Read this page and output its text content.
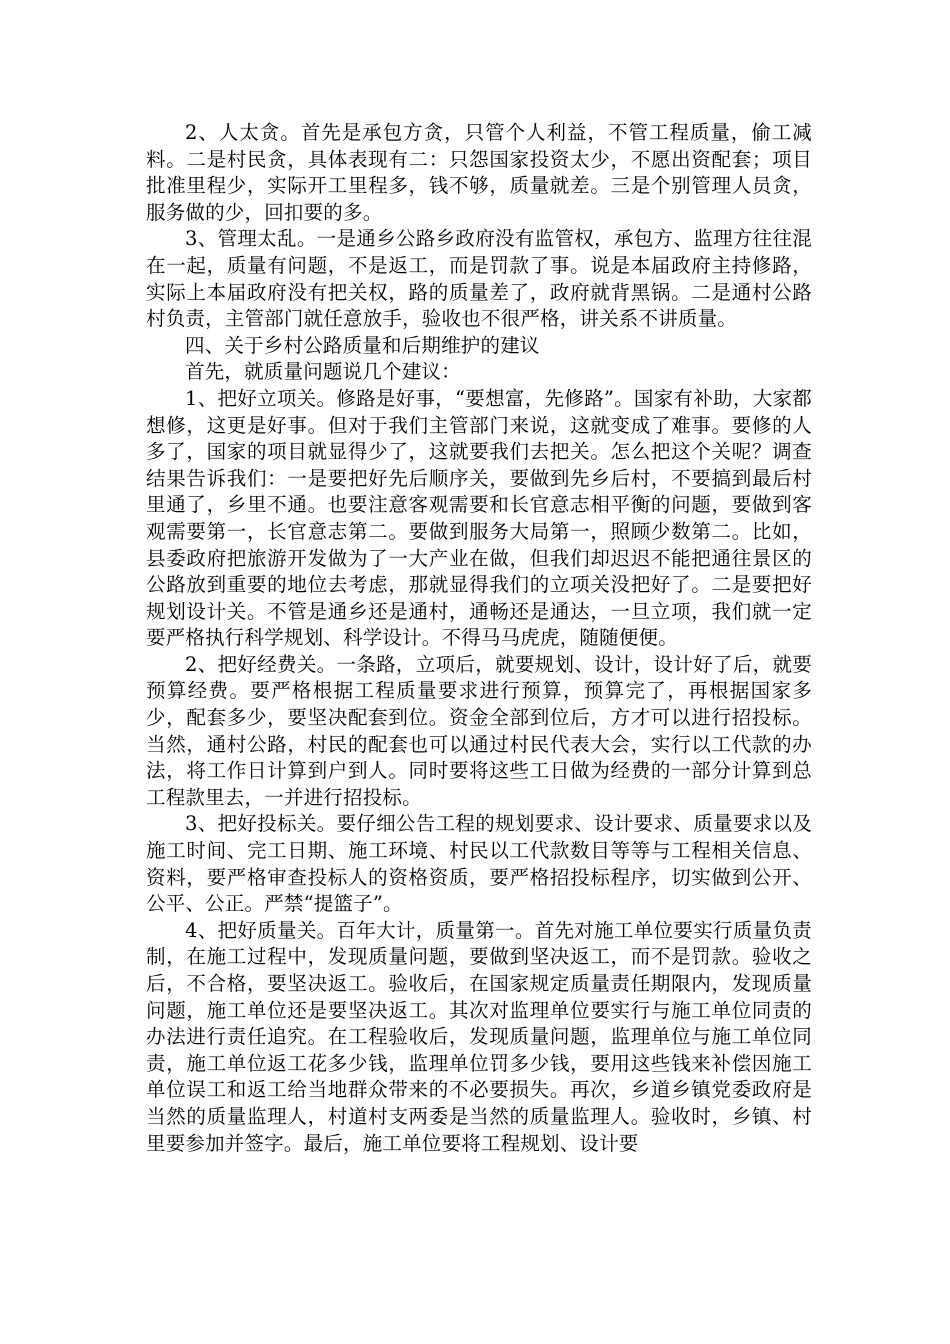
2、人太贪。首先是承包方贪，只管个人利益，不管工程质量，偷工减料。二是村民贪，具体表现有二：只怨国家投资太少，不愿出资配套；项目批准里程少，实际开工里程多，钱不够，质量就差。三是个别管理人员贪，服务做的少，回扣要的多。

3、管理太乱。一是通乡公路乡政府没有监管权，承包方、监理方往往混在一起，质量有问题，不是返工，而是罚款了事。说是本届政府主持修路，实际上本届政府没有把关权，路的质量差了，政府就背黑锅。二是通村公路村负责，主管部门就任意放手，验收也不很严格，讲关系不讲质量。

四、关于乡村公路质量和后期维护的建议

首先，就质量问题说几个建议：

1、把好立项关。修路是好事，“要想富，先修路”。国家有补助，大家都想修，这更是好事。但对于我们主管部门来说，这就变成了难事。要修的人多了，国家的项目就显得少了，这就要我们去把关。怎么把这个关呢？调查结果告诉我们：一是要把好先后顺序关，要做到先乡后村，不要搞到最后村里通了，乡里不通。也要注意客观需要和长官意志相平衡的问题，要做到客观需要第一，长官意志第二。要做到服务大局第一，照顾少数第二。比如，县委政府把旅游开发做为了一大产业在做，但我们却迟迟不能把通往景区的公路放到重要的地位去考虑，那就显得我们的立项关没把好了。二是要把好规划设计关。不管是通乡还是通村，通畅还是通达，一旦立项，我们就一定要严格执行科学规划、科学设计。不得马马虎虎，随随便便。

2、把好经费关。一条路，立项后，就要规划、设计，设计好了后，就要预算经费。要严格根据工程质量要求进行预算，预算完了，再根据国家多少，配套多少，要坚决配套到位。资金全部到位后，方才可以进行招投标。当然，通村公路，村民的配套也可以通过村民代表大会，实行以工代款的办法，将工作日计算到户到人。同时要将这些工日做为经费的一部分计算到总工程款里去，一并进行招投标。

3、把好投标关。要仔细公告工程的规划要求、设计要求、质量要求以及施工时间、完工日期、施工环境、村民以工代款数目等等与工程相关信息、资料，要严格审查投标人的资格资质，要严格招投标程序，切实做到公开、公平、公正。严禁“提篮子”。

4、把好质量关。百年大计，质量第一。首先对施工单位要实行质量负责制，在施工过程中，发现质量问题，要做到坚决返工，而不是罚款。验收之后，不合格，要坚决返工。验收后，在国家规定质量责任期限内，发现质量问题，施工单位还是要坚决返工。其次对监理单位要实行与施工单位同责的办法进行责任追究。在工程验收后，发现质量问题，监理单位与施工单位同责，施工单位返工花多少钱，监理单位罚多少钱，要用这些钱来补偿因施工单位误工和返工给当地群众带来的不必要损失。再次，乡道乡镇党委政府是当然的质量监理人，村道村支两委是当然的质量监理人。验收时，乡镇、村里要参加并签字。最后，施工单位要将工程规划、设计要
